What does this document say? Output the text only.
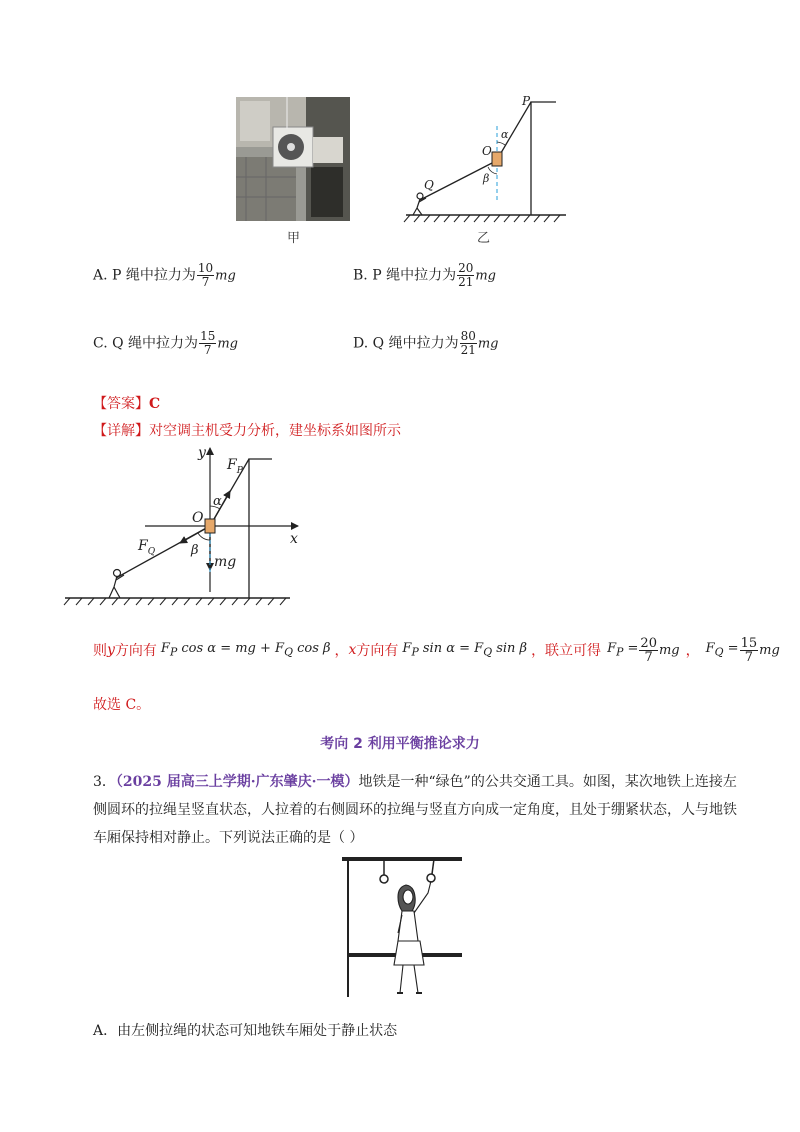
甲
P
O
Q
α
β
乙
A. P 绳中拉力为 $\frac{10}{7}$ mg	B. P 绳中拉力为 $\frac{20}{21}$ mg
C. Q 绳中拉力为 $\frac{15}{7}$ mg	D. Q 绳中拉力为 $\frac{80}{21}$ mg
【答案】C
【详解】对空调主机受力分析，建坐标系如图所示
y
x
O
$F_P$
$F_Q$
α
β
mg
则 y 方向有 $F_P$ cos α = mg + $F_Q$ cos β ， x 方向有 $F_P$ $\sin \alpha = F_Q$ sin β ，联立可得 $F_P = \frac{20}{7}$ mg ， $F_Q = \frac{15}{7}$ mg
故选 C。
考向 2 利用平衡推论求力
3．（2025 届高三上学期·广东肇庆·一模）地铁是一种“绿色”的公共交通工具。如图，某次地铁上连接左
侧圆环的拉绳呈竖直状态，人拉着的右侧圆环的拉绳与竖直方向成一定角度，且处于绷紧状态，人与地铁
车厢保持相对静止。下列说法正确的是（ ）
A．由左侧拉绳的状态可知地铁车厢处于静止状态
